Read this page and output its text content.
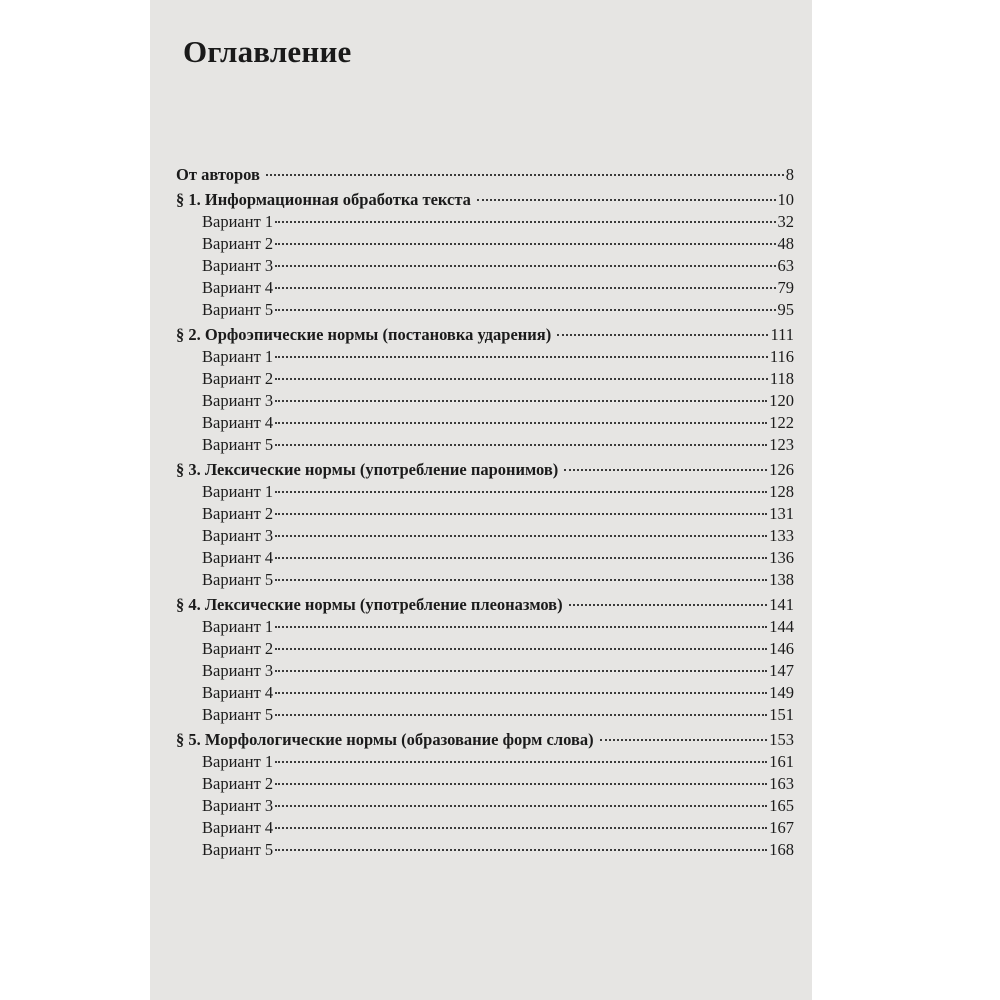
Оглавление
От авторов	8
§ 1. Информационная обработка текста	10
Вариант 1	32
Вариант 2	48
Вариант 3	63
Вариант 4	79
Вариант 5	95
§ 2. Орфоэпические нормы (постановка ударения)	111
Вариант 1	116
Вариант 2	118
Вариант 3	120
Вариант 4	122
Вариант 5	123
§ 3. Лексические нормы (употребление паронимов)	126
Вариант 1	128
Вариант 2	131
Вариант 3	133
Вариант 4	136
Вариант 5	138
§ 4. Лексические нормы (употребление плеоназмов)	141
Вариант 1	144
Вариант 2	146
Вариант 3	147
Вариант 4	149
Вариант 5	151
§ 5. Морфологические нормы (образование форм слова)	153
Вариант 1	161
Вариант 2	163
Вариант 3	165
Вариант 4	167
Вариант 5	168
